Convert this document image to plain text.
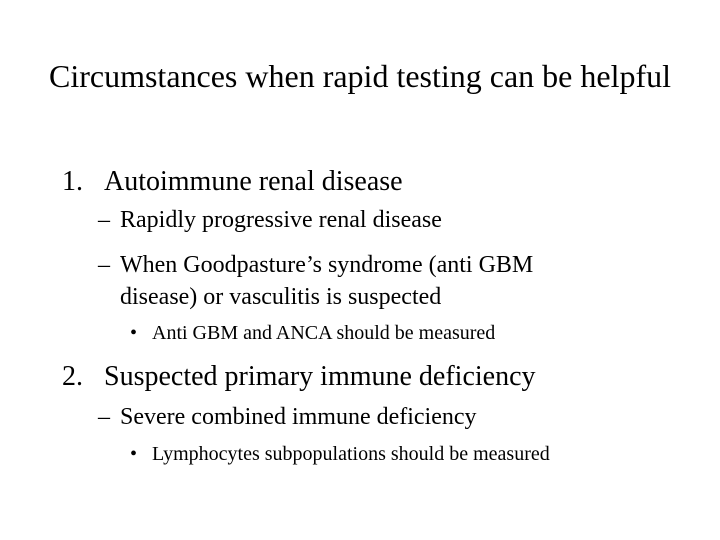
Circumstances when rapid testing can be helpful
1. Autoimmune renal disease
– Rapidly progressive renal disease
– When Goodpasture’s syndrome (anti GBM
disease) or vasculitis is suspected
• Anti GBM and ANCA should be measured
2. Suspected primary immune deficiency
– Severe combined immune deficiency
• Lymphocytes subpopulations should be measured
